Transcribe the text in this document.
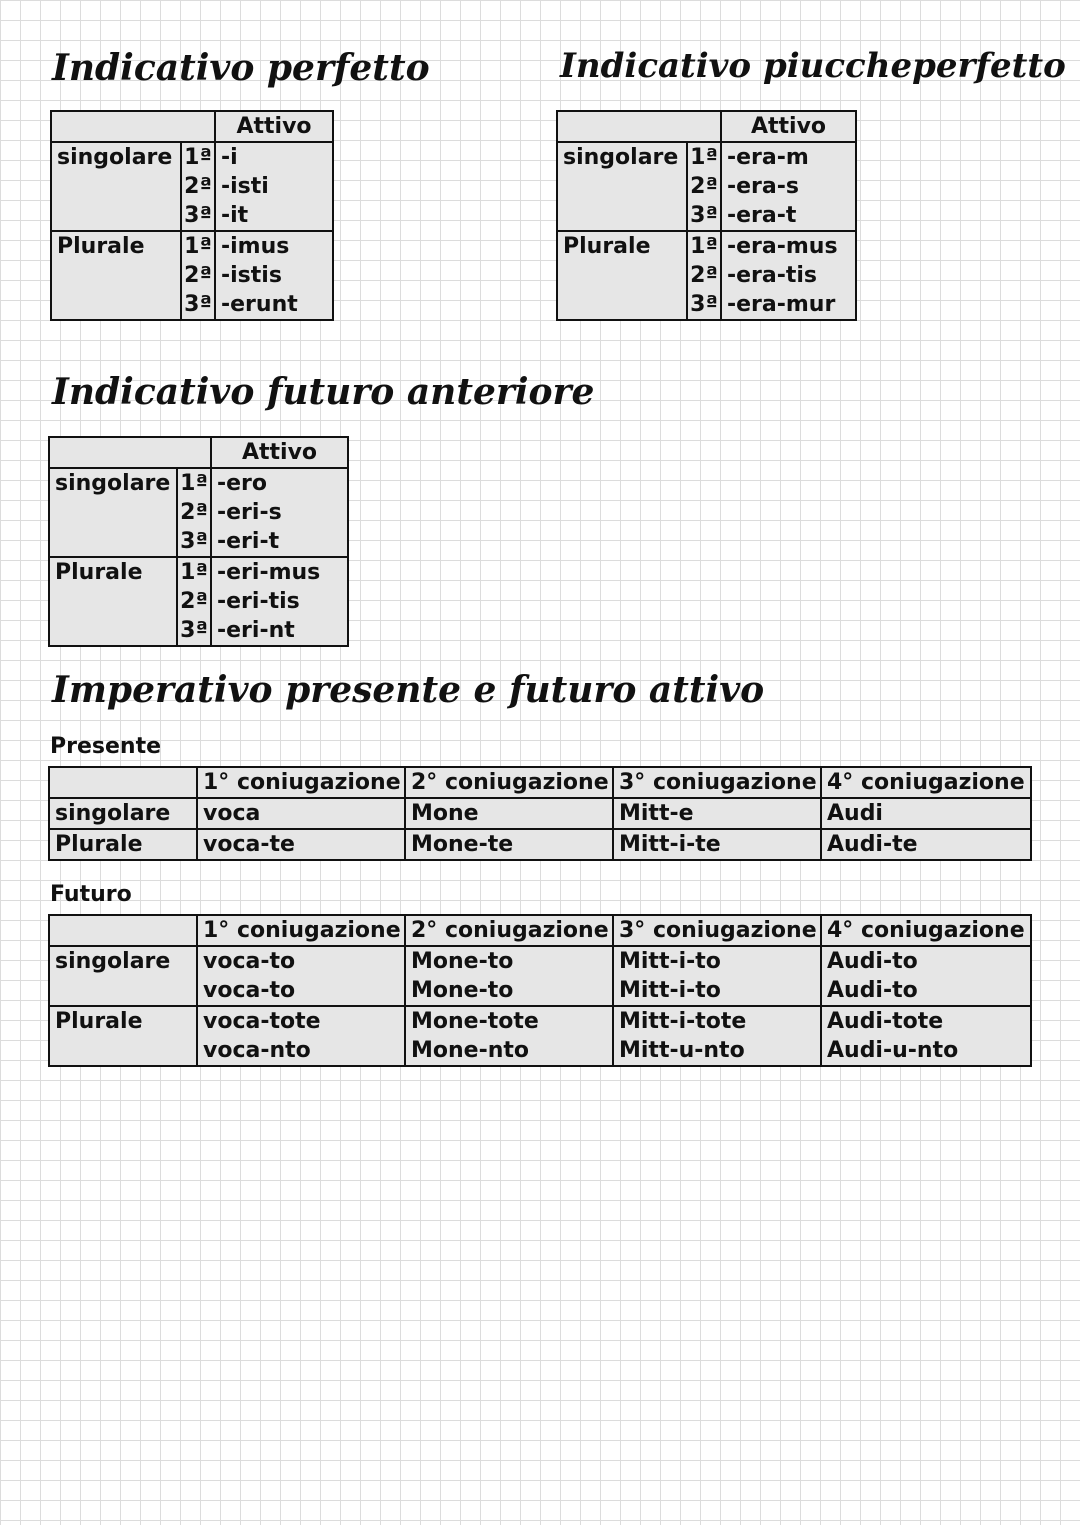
Indicativo perfetto
		Attivo
singolare	1ª	-i
	2ª	-isti
	3ª	-it
Plurale	1ª	-imus
	2ª	-istis
	3ª	-erunt
Indicativo piuccheperfetto
		Attivo
singolare	1ª	-era-m
	2ª	-era-s
	3ª	-era-t
Plurale	1ª	-era-mus
	2ª	-era-tis
	3ª	-era-mur
Indicativo futuro anteriore
		Attivo
singolare	1ª	-ero
	2ª	-eri-s
	3ª	-eri-t
Plurale	1ª	-eri-mus
	2ª	-eri-tis
	3ª	-eri-nt
Imperativo presente e futuro attivo

Presente

	1° coniugazione	2° coniugazione	3° coniugazione	4° coniugazione
singolare	voca	Mone	Mitt-e	Audi
Plurale	voca-te	Mone-te	Mitt-i-te	Audi-te

Futuro

	1° coniugazione	2° coniugazione	3° coniugazione	4° coniugazione
singolare	voca-to	Mone-to	Mitt-i-to	Audi-to
	voca-to	Mone-to	Mitt-i-to	Audi-to
Plurale	voca-tote	Mone-tote	Mitt-i-tote	Audi-tote
	voca-nto	Mone-nto	Mitt-u-nto	Audi-u-nto
